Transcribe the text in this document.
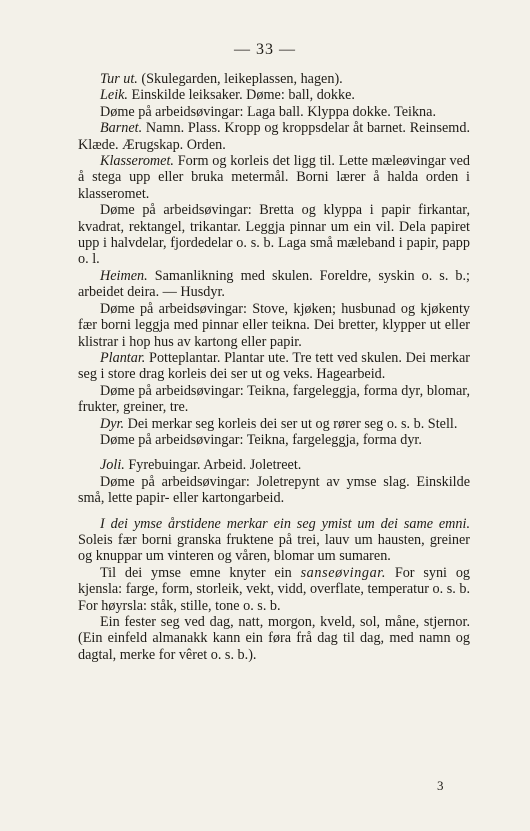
— 33 —

Tur ut. (Skulegarden, leikeplassen, hagen).

Leik. Einskilde leiksaker. Døme: ball, dokke.

Døme på arbeidsøvingar: Laga ball. Klyppa dokke. Teikna.

Barnet. Namn. Plass. Kropp og kroppsdelar åt barnet. Reinsemd. Klæde. Ærugskap. Orden.

Klasseromet. Form og korleis det ligg til. Lette mæleøvingar ved å stega upp eller bruka metermål. Borni lærer å halda orden i klasseromet.

Døme på arbeidsøvingar: Bretta og klyppa i papir firkantar, kvadrat, rektangel, trikantar. Leggja pinnar um ein vil. Dela papiret upp i halvdelar, fjordedelar o. s. b. Laga små mæleband i papir, papp o. l.

Heimen. Samanlikning med skulen. Foreldre, syskin o. s. b.; arbeidet deira. — Husdyr.

Døme på arbeidsøvingar: Stove, kjøken; husbunad og kjøkenty fær borni leggja med pinnar eller teikna. Dei bretter, klypper ut eller klistrar i hop hus av kartong eller papir.

Plantar. Potteplantar. Plantar ute. Tre tett ved skulen. Dei merkar seg i store drag korleis dei ser ut og veks. Hagearbeid.

Døme på arbeidsøvingar: Teikna, fargeleggja, forma dyr, blomar, frukter, greiner, tre.

Dyr. Dei merkar seg korleis dei ser ut og rører seg o. s. b. Stell.

Døme på arbeidsøvingar: Teikna, fargeleggja, forma dyr.

Joli. Fyrebuingar. Arbeid. Joletreet.

Døme på arbeidsøvingar: Joletrepynt av ymse slag. Einskilde små, lette papir- eller kartongarbeid.

I dei ymse årstidene merkar ein seg ymist um dei same emni. Soleis fær borni granska fruktene på trei, lauv um hausten, greiner og knuppar um vinteren og våren, blomar um sumaren.

Til dei ymse emne knyter ein sanseøvingar. For syni og kjensla: farge, form, storleik, vekt, vidd, overflate, temperatur o. s. b. For høyrsla: ståk, stille, tone o. s. b.

Ein fester seg ved dag, natt, morgon, kveld, sol, måne, stjernor. (Ein einfeld almanakk kann ein føra frå dag til dag, med namn og dagtal, merke for vêret o. s. b.).

3
